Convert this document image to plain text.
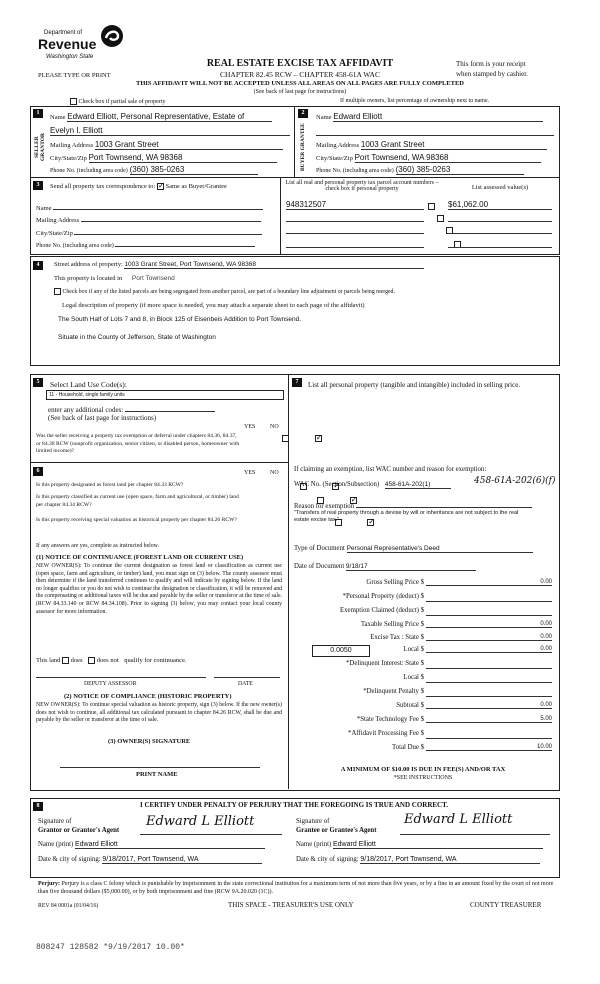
Department of
Revenue
Washington State
PLEASE TYPE OR PRINT
REAL ESTATE EXCISE TAX AFFIDAVIT
CHAPTER 82.45 RCW – CHAPTER 458-61A WAC
THIS AFFIDAVIT WILL NOT BE ACCEPTED UNLESS ALL AREAS ON ALL PAGES ARE FULLY COMPLETED
(See back of last page for instructions)
This form is your receipt
when stamped by cashier.
Check box if partial sale of property	If multiple owners, list percentage of ownership next to name.
1
SELLER GRANTOR
Name Edward Elliott, Personal Representative, Estate of
Evelyn I. Elliott
Mailing Address 1003 Grant Street
City/State/Zip Port Townsend, WA 98368
Phone No. (including area code) (360) 385-0263
2
BUYER GRANTEE
Name Edward Elliott
Mailing Address 1003 Grant Street
City/State/Zip Port Townsend, WA 98368
Phone No. (including area code) (360) 385-0263
3	Send all property tax correspondence to: ✓ Same as Buyer/Grantee
Name
Mailing Address
City/State/Zip
Phone No. (including area code)
List all real and personal property tax parcel account numbers – check box if personal property	List assessed value(s)
948312507
	$61,062.00

4	Street address of property: 1003 Grant Street, Port Townsend, WA 98368
This property is located in Port Townsend
Check box if any of the listed parcels are being segregated from another parcel, are part of a boundary line adjustment or parcels being merged.
Legal description of property (if more space is needed, you may attach a separate sheet to each page of the affidavit)
The South Half of Lots 7 and 8, in Block 125 of Eisenbeis Addition to Port Townsend.
Situate in the County of Jefferson, State of Washington
5	Select Land Use Code(s):
11 - Household, single family units
enter any additional codes:
(See back of last page for instructions)
YES NO
Was the seller receiving a property tax exemption or deferral under chapters 84.36, 84.37, or 84.38 RCW (nonprofit organization, senior citizen, or disabled person, homeowner with limited income)?
✓
6	YES NO
Is this property designated as forest land per chapter 84.33 RCW?
✓
Is this property classified as current use (open space, farm and agricultural, or timber) land per chapter 84.34 RCW?
✓
Is this property receiving special valuation as historical property per chapter 84.26 RCW?
✓
If any answers are yes, complete as instructed below.
(1) NOTICE OF CONTINUANCE (FOREST LAND OR CURRENT USE)
NEW OWNER(S): To continue the current designation as forest land or classification as current use (open space, farm and agriculture, or timber) land, you must sign on (3) below. The county assessor must then determine if the land transferred continues to qualify and will indicate by signing below. If the land no longer qualifies or you do not wish to continue the designation or classification, it will be removed and the compensating or additional taxes will be due and payable by the seller or transferor at the time of sale. (RCW 84.33.140 or RCW 84.34.108). Prior to signing (3) below, you may contact your local county assessor for more information.
This land does does not qualify for continuance.
DEPUTY ASSESSOR	DATE
(2) NOTICE OF COMPLIANCE (HISTORIC PROPERTY)
NEW OWNER(S): To continue special valuation as historic property, sign (3) below. If the new owner(s) does not wish to continue, all additional tax calculated pursuant to chapter 84.26 RCW, shall be due and payable by the seller or transferor at the time of sale.
(3) OWNER(S) SIGNATURE
PRINT NAME
7	List all personal property (tangible and intangible) included in selling price.
If claiming an exemption, list WAC number and reason for exemption:
WAC No. (Section/Subsection) 458-61A-202(1)	458-61A-202(6)(f)
Reason for exemption
"Transfers of real property through a devise by will or inheritance are not subject to the real estate excise tax."
Type of Document Personal Representative's Deed
Date of Document 9/18/17
Gross Selling Price $	0.00
*Personal Property (deduct) $
Exemption Claimed (deduct) $
Taxable Selling Price $	0.00
Excise Tax : State $	0.00
0.0050	Local $	0.00
*Delinquent Interest: State $
Local $
*Delinquent Penalty $
Subtotal $	0.00
*State Technology Fee $	5.00
*Affidavit Processing Fee $
Total Due $	10.00
A MINIMUM OF $10.00 IS DUE IN FEE(S) AND/OR TAX
*SEE INSTRUCTIONS
8	I CERTIFY UNDER PENALTY OF PERJURY THAT THE FOREGOING IS TRUE AND CORRECT.
Signature of
Grantor or Grantor's Agent
Edward L Elliott	Signature of
Grantee or Grantee's Agent
Edward L Elliott
Name (print) Edward Elliott	Name (print) Edward Elliott
Date & city of signing: 9/18/2017, Port Townsend, WA	Date & city of signing: 9/18/2017, Port Townsend, WA
Perjury: Perjury is a class C felony which is punishable by imprisonment in the state correctional institution for a maximum term of not more than five years, or by a fine in an amount fixed by the court of not more than five thousand dollars ($5,000.00), or by both imprisonment and fine (RCW 9A.20.020 (1C)).
REV 84 0001a (01/04/16)	THIS SPACE - TREASURER'S USE ONLY	COUNTY TREASURER
808247 128582 *9/19/2017 10.00*
